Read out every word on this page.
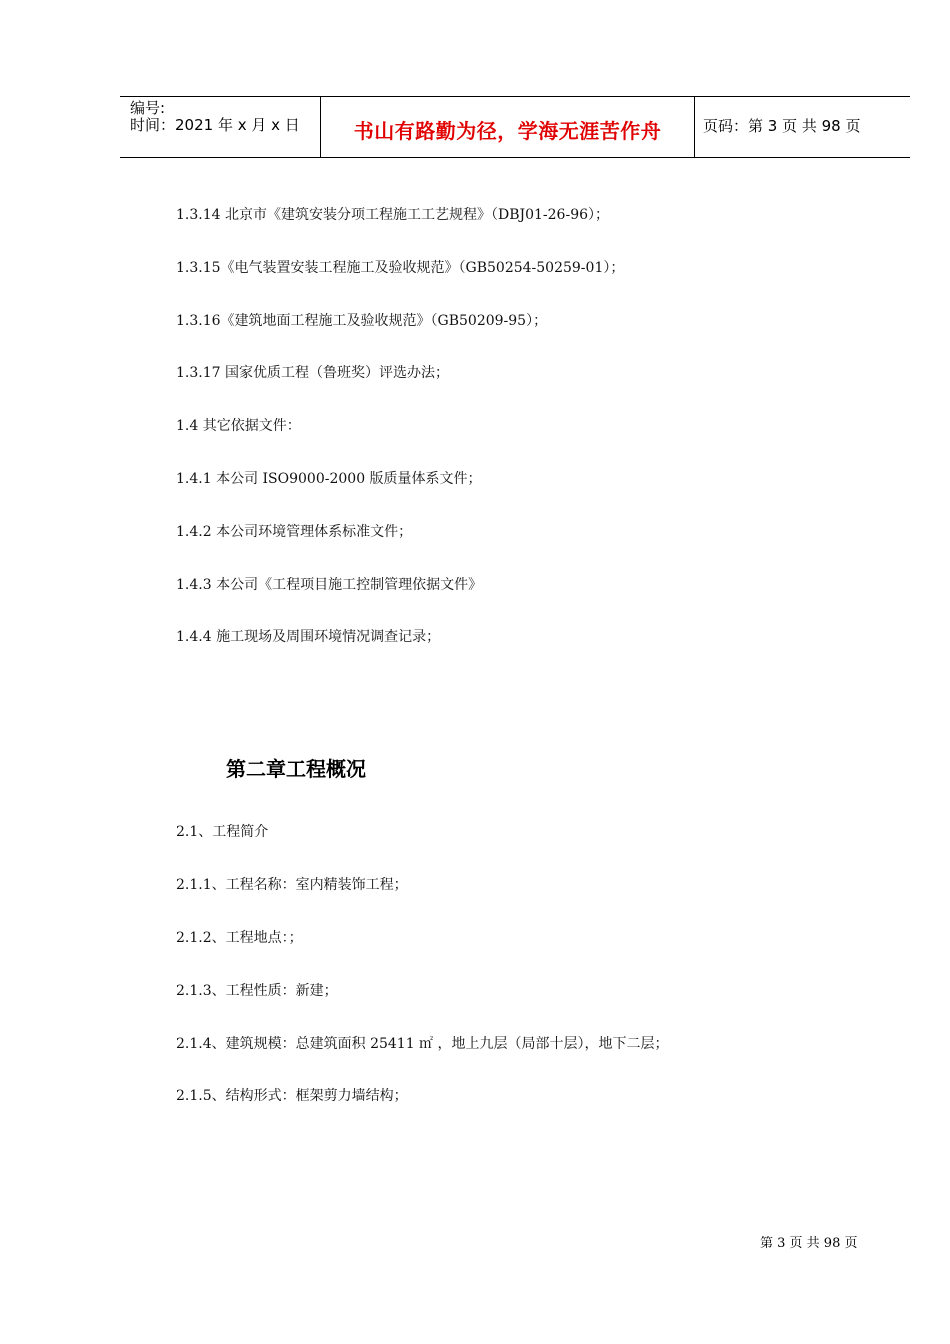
编号:
时间：2021 年 x 月 x 日	书山有路勤为径，学海无涯苦作舟	页码：第 3 页 共 98 页
1.3.14 北京市《建筑安装分项工程施工工艺规程》（DBJ01-26-96）；
1.3.15《电气装置安装工程施工及验收规范》（GB50254-50259-01）；
1.3.16《建筑地面工程施工及验收规范》（GB50209-95）；
1.3.17 国家优质工程（鲁班奖）评选办法；
1.4 其它依据文件：
1.4.1 本公司 ISO9000-2000 版质量体系文件；
1.4.2 本公司环境管理体系标准文件；
1.4.3 本公司《工程项目施工控制管理依据文件》
1.4.4 施工现场及周围环境情况调查记录；
第二章工程概况
2.1、工程简介
2.1.1、工程名称：室内精装饰工程；
2.1.2、工程地点：；
2.1.3、工程性质：新建；
2.1.4、建筑规模：总建筑面积 25411 ㎡ ，地上九层（局部十层），地下二层；
2.1.5、结构形式：框架剪力墙结构；
第 3 页 共 98 页
